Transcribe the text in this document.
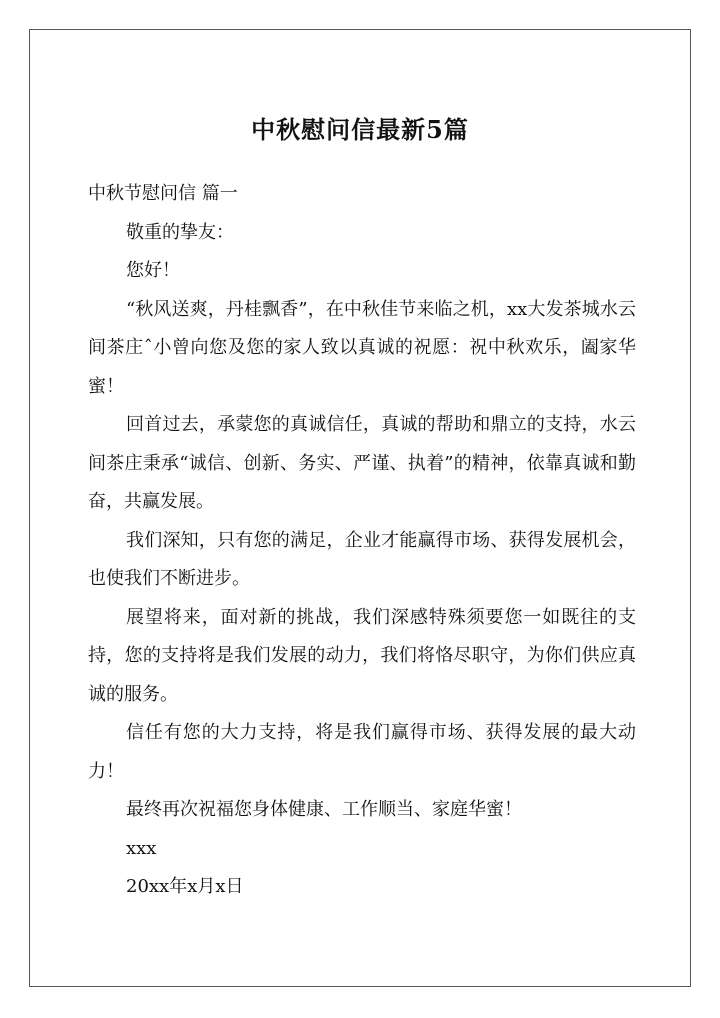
中秋慰问信最新5篇

中秋节慰问信 篇一

敬重的挚友：

您好！

“秋风送爽，丹桂飘香”，在中秋佳节来临之机，xx大发茶城水云间茶庄ˆ小曾向您及您的家人致以真诚的祝愿：祝中秋欢乐，阖家华蜜！

回首过去，承蒙您的真诚信任，真诚的帮助和鼎立的支持，水云间茶庄秉承“诚信、创新、务实、严谨、执着”的精神，依靠真诚和勤奋，共赢发展。

我们深知，只有您的满足，企业才能赢得市场、获得发展机会，也使我们不断进步。

展望将来，面对新的挑战，我们深感特殊须要您一如既往的支持，您的支持将是我们发展的动力，我们将恪尽职守，为你们供应真诚的服务。

信任有您的大力支持，将是我们赢得市场、获得发展的最大动力！

最终再次祝福您身体健康、工作顺当、家庭华蜜！

xxx

20xx年x月x日
